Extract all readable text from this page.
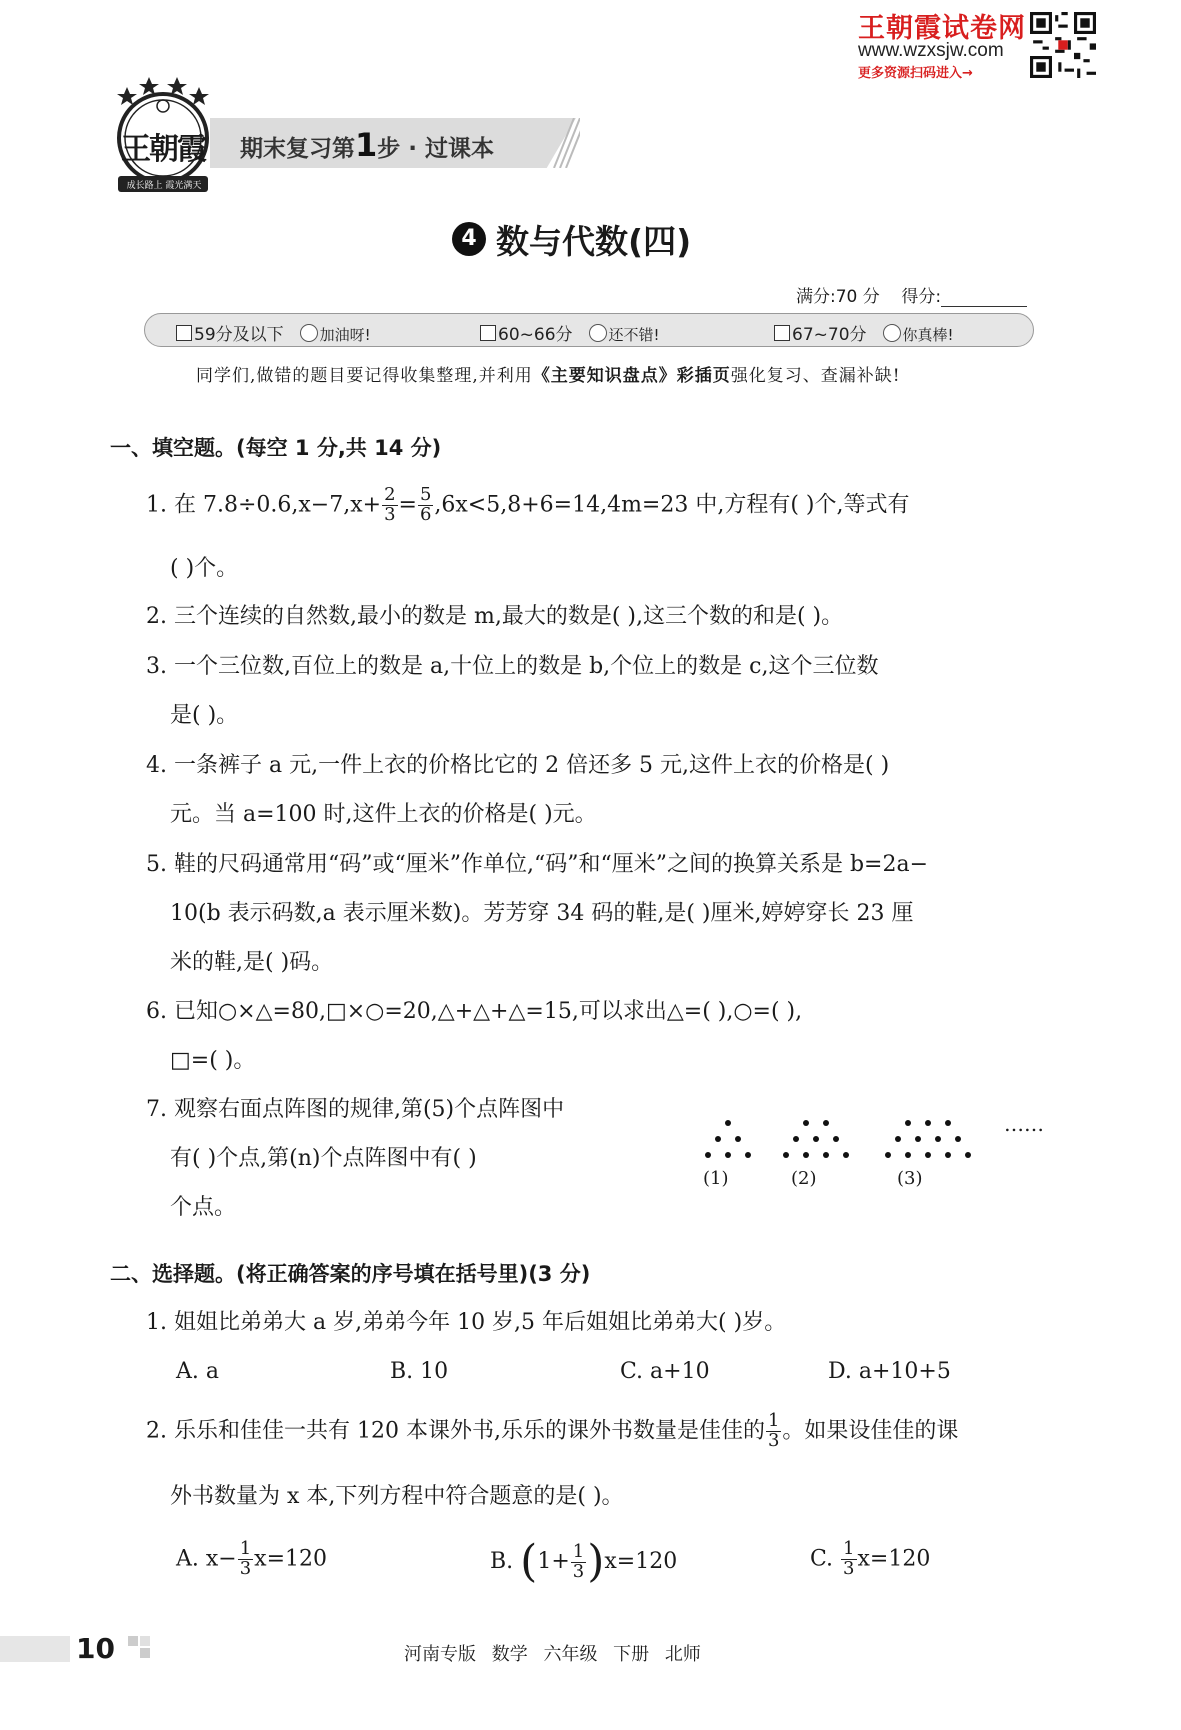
王朝霞试卷网
www.wzxsjw.com
更多资源扫码进入→
王朝霞
成长路上 霞光满天
期末复习第1步 · 过课本
4 数与代数(四)
满分:70 分 得分:
59分及以下 加油呀!	60~66分 还不错!	67~70分 你真棒!
同学们,做错的题目要记得收集整理,并利用《主要知识盘点》彩插页强化复习、查漏补缺!
一、填空题。(每空 1 分,共 14 分)
1. 在 $7.8\div 0.6,x-7,x+ \frac{2}{3} = \frac{5}{6} ,6x<5,8+6=14,4m=23$ 中,方程有( )个,等式有
( )个。
2. 三个连续的自然数,最小的数是 m,最大的数是( ),这三个数的和是( )。
3. 一个三位数,百位上的数是 a,十位上的数是 b,个位上的数是 c,这个三位数
是( )。
4. 一条裤子 a 元,一件上衣的价格比它的 2 倍还多 5 元,这件上衣的价格是( )
元。当 a=100 时,这件上衣的价格是( )元。
5. 鞋的尺码通常用“码”或“厘米”作单位,“码”和“厘米”之间的换算关系是 b=2a−
10(b 表示码数,a 表示厘米数)。芳芳穿 34 码的鞋,是( )厘米,婷婷穿长 23 厘
米的鞋,是( )码。
6. 已知○×△=80,□×○=20,△+△+△=15,可以求出△=( ),○=( ),
□=( )。
7. 观察右面点阵图的规律,第(5)个点阵图中
有( )个点,第(n)个点阵图中有( )
个点。
(1)	(2)	(3)
……
二、选择题。(将正确答案的序号填在括号里)(3 分)
1. 姐姐比弟弟大 a 岁,弟弟今年 10 岁,5 年后姐姐比弟弟大( )岁。
A. a	B. 10	C. a+10	D. a+10+5
2. 乐乐和佳佳一共有 120 本课外书,乐乐的课外书数量是佳佳的 $\frac{1}{3}$ 。如果设佳佳的课
外书数量为 x 本,下列方程中符合题意的是( )。
A. $x- \frac{1}{3} x=120$	B. $(1+ \frac{1}{3} )x=120$	C. $\frac{1}{3} x=120$
10	河南专版 数学 六年级 下册 北师
